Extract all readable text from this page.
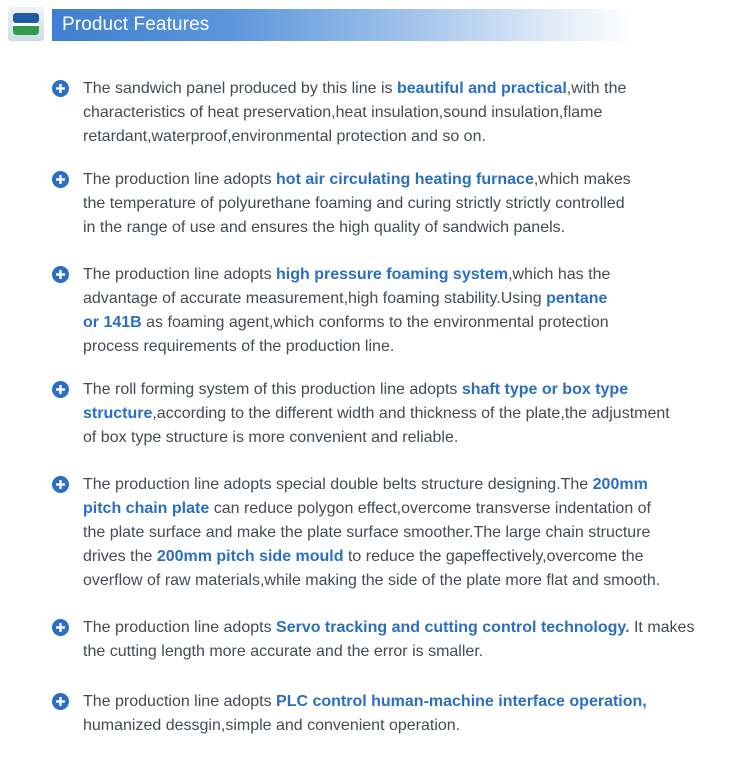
Product Features
The sandwich panel produced by this line is beautiful and practical,with the
characteristics of heat preservation,heat insulation,sound insulation,flame
retardant,waterproof,environmental protection and so on.
The production line adopts hot air circulating heating furnace,which makes
the temperature of polyurethane foaming and curing strictly strictly controlled
in the range of use and ensures the high quality of sandwich panels.
The production line adopts high pressure foaming system,which has the
advantage of accurate measurement,high foaming stability.Using pentane
or 141B as foaming agent,which conforms to the environmental protection
process requirements of the production line.
The roll forming system of this production line adopts shaft type or box type
structure,according to the different width and thickness of the plate,the adjustment
of box type structure is more convenient and reliable.
The production line adopts special double belts structure designing.The 200mm
pitch chain plate can reduce polygon effect,overcome transverse indentation of
the plate surface and make the plate surface smoother.The large chain structure
drives the 200mm pitch side mould to reduce the gapeffectively,overcome the
overflow of raw materials,while making the side of the plate more flat and smooth.
The production line adopts Servo tracking and cutting control technology. It makes
the cutting length more accurate and the error is smaller.
The production line adopts PLC control human-machine interface operation,
humanized dessgin,simple and convenient operation.
